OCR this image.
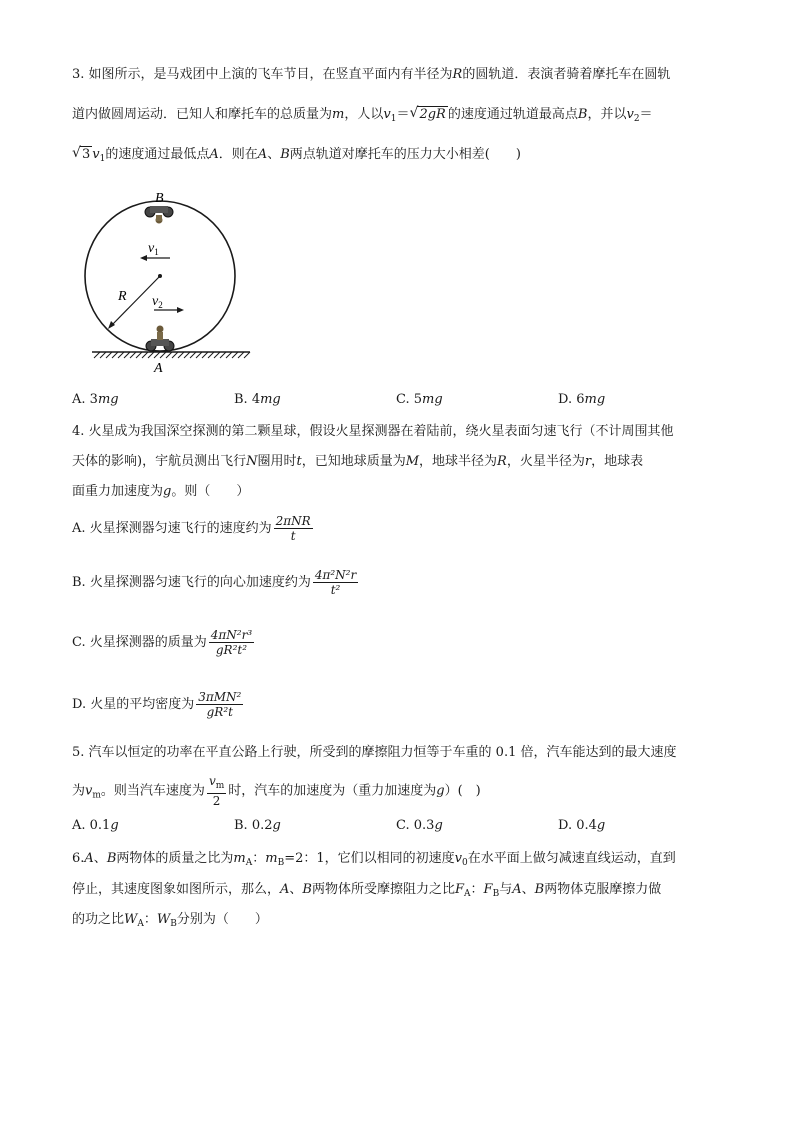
3. 如图所示，是马戏团中上演的飞车节目，在竖直平面内有半径为R的圆轨道．表演者骑着摩托车在圆轨
道内做圆周运动．已知人和摩托车的总质量为m，人以$v_1=$ √ 2gR 的速度通过轨道最高点B，并以$v_2=$
√ 3 $v_1$的速度通过最低点A．则在A、B两点轨道对摩托车的压力大小相差(　　)
B
A
R
$v_1$
$v_2$
A. 3mg	B. 4mg	C. 5mg	D. 6mg
4. 火星成为我国深空探测的第二颗星球，假设火星探测器在着陆前，绕火星表面匀速飞行（不计周围其他
天体的影响)，宇航员测出飞行N圈用时t，已知地球质量为M，地球半径为R，火星半径为r，地球表
面重力加速度为g。则（　　）
A. 火星探测器匀速飞行的速度约为 $\frac{\text{2πNR}}{t}$
B. 火星探测器匀速飞行的向心加速度约为 $\frac{\text{4π²N²r}}{\text{t²}}$
C. 火星探测器的质量为 $\frac{\text{4πN²r³}}{\text{gR²t²}}$
D. 火星的平均密度为 $\frac{\text{3πMN²}}{\text{gR²t}}$
5. 汽车以恒定的功率在平直公路上行驶，所受到的摩擦阻力恒等于车重的 0.1 倍，汽车能达到的最大速度
为$v_m$。则当汽车速度为 $\frac{v_m}{2}$ 时，汽车的加速度为（重力加速度为g）(　)
A. 0.1g	B. 0.2g	C. 0.3g	D. 0.4g
6.A、B两物体的质量之比为$m_A$：$m_B=2$：1，它们以相同的初速度$v_0$在水平面上做匀减速直线运动，直到
停止，其速度图象如图所示，那么，A、B两物体所受摩擦阻力之比$F_A$：$F_B$与A、B两物体克服摩擦力做
的功之比$W_A$：$W_B$分别为（　　）
